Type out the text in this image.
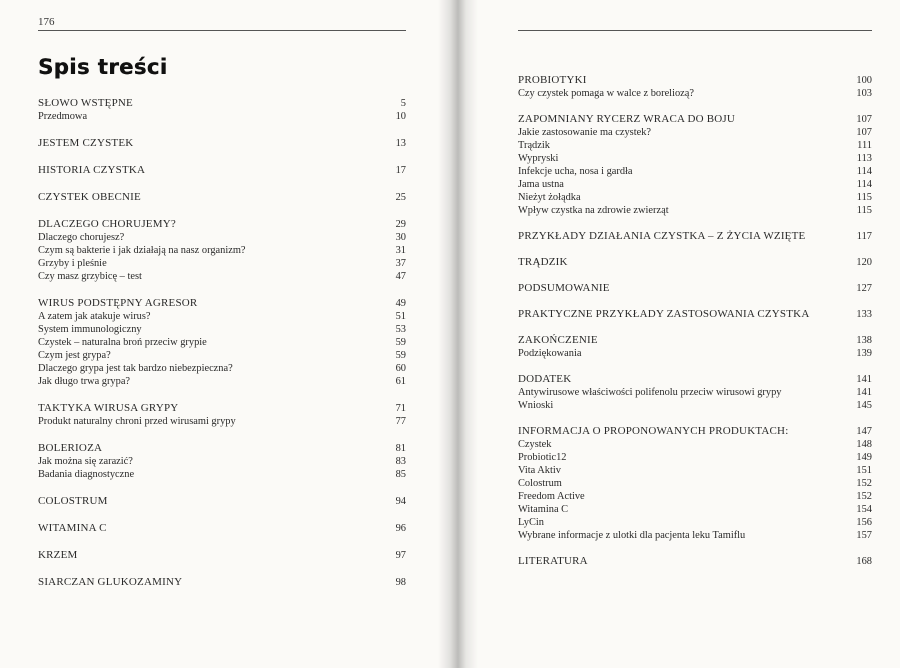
176
Spis treści
SŁOWO WSTĘPNE	5
Przedmowa	10
JESTEM CZYSTEK	13
HISTORIA CZYSTKA	17
CZYSTEK OBECNIE	25
DLACZEGO CHORUJEMY?	29
Dlaczego chorujesz?	30
Czym są bakterie i jak działają na nasz organizm?	31
Grzyby i pleśnie	37
Czy masz grzybicę – test	47
WIRUS PODSTĘPNY AGRESOR	49
A zatem jak atakuje wirus?	51
System immunologiczny	53
Czystek – naturalna broń przeciw grypie	59
Czym jest grypa?	59
Dlaczego grypa jest tak bardzo niebezpieczna?	60
Jak długo trwa grypa?	61
TAKTYKA WIRUSA GRYPY	71
Produkt naturalny chroni przed wirusami grypy	77
BOLERIOZA	81
Jak można się zarazić?	83
Badania diagnostyczne	85
COLOSTRUM	94
WITAMINA C	96
KRZEM	97
SIARCZAN GLUKOZAMINY	98
PROBIOTYKI	100
Czy czystek pomaga w walce z boreliozą?	103
ZAPOMNIANY RYCERZ WRACA DO BOJU	107
Jakie zastosowanie ma czystek?	107
Trądzik	111
Wypryski	113
Infekcje ucha, nosa i gardła	114
Jama ustna	114
Nieżyt żołądka	115
Wpływ czystka na zdrowie zwierząt	115
PRZYKŁADY DZIAŁANIA CZYSTKA – Z ŻYCIA WZIĘTE	117
TRĄDZIK	120
PODSUMOWANIE	127
PRAKTYCZNE PRZYKŁADY ZASTOSOWANIA CZYSTKA	133
ZAKOŃCZENIE	138
Podziękowania	139
DODATEK	141
Antywirusowe właściwości polifenolu przeciw wirusowi grypy	141
Wnioski	145
INFORMACJA O PROPONOWANYCH PRODUKTACH:	147
Czystek	148
Probiotic12	149
Vita Aktiv	151
Colostrum	152
Freedom Active	152
Witamina C	154
LyCin	156
Wybrane informacje z ulotki dla pacjenta leku Tamiflu	157
LITERATURA	168
